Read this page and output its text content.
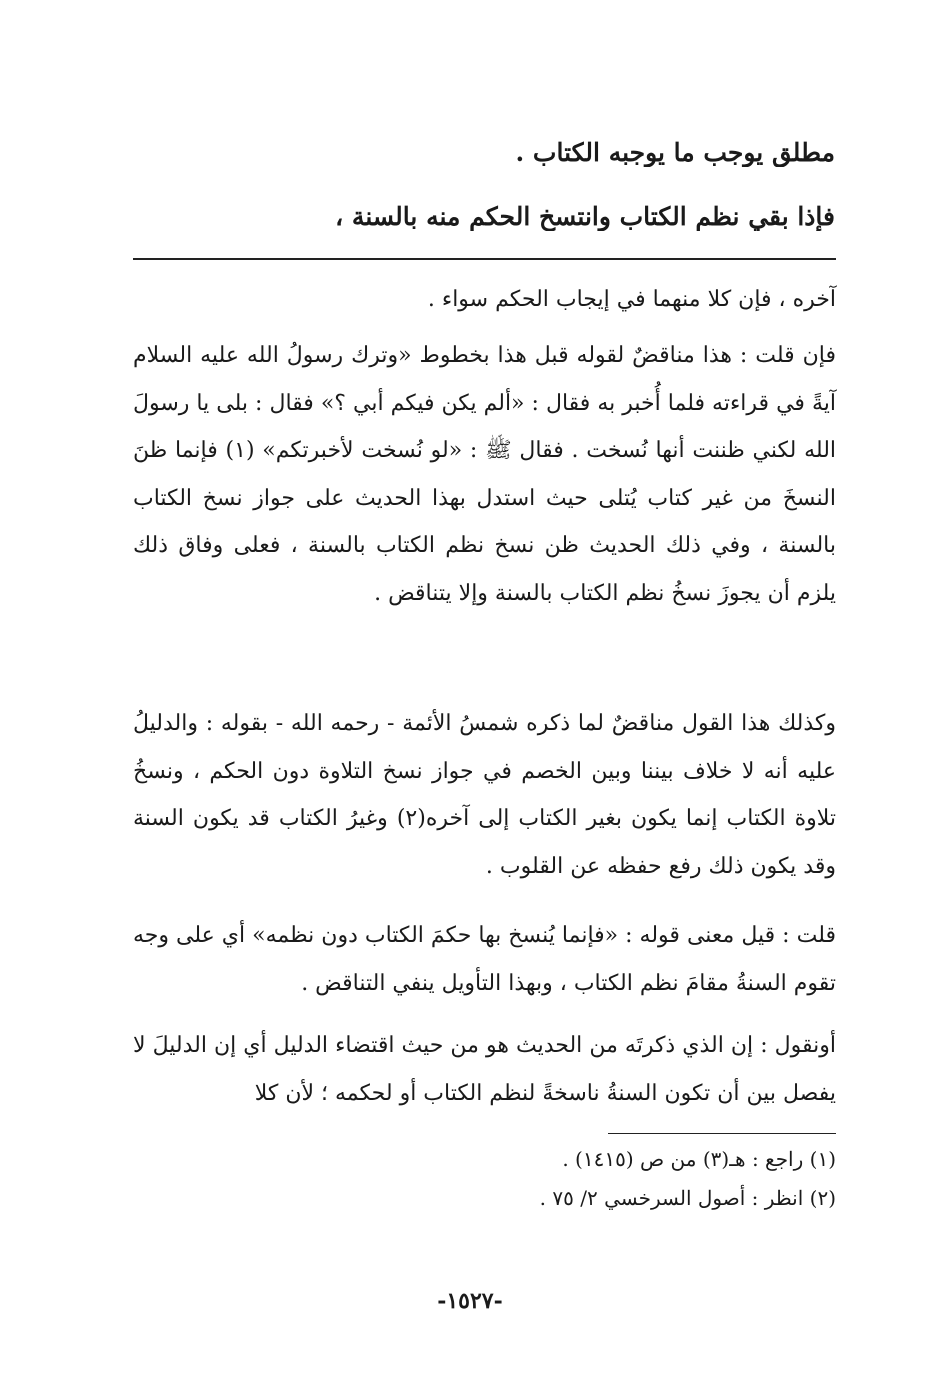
مطلق يوجب ما يوجبه الكتاب .
فإذا بقي نظم الكتاب وانتسخ الحكم منه بالسنة ،
آخره ، فإن كلا منهما في إيجاب الحكم سواء .
فإن قلت : هذا مناقضٌ لقوله قبل هذا بخطوط «وترك رسولُ الله عليه السلام آيةً في قراءته فلما أُخبر به فقال : «ألم يكن فيكم أبي ؟» فقال : بلى يا رسولَ الله لكني ظننت أنها نُسخت . فقال ﷺ : «لو نُسخت لأخبرتكم» (١) فإنما ظنَ النسخَ من غير كتاب يُتلى حيث استدل بهذا الحديث على جواز نسخ الكتاب بالسنة ، وفي ذلك الحديث ظن نسخ نظم الكتاب بالسنة ، فعلى وفاق ذلك يلزم أن يجوزَ نسخُ نظم الكتاب بالسنة وإلا يتناقض .
وكذلك هذا القول مناقضٌ لما ذكره شمسُ الأئمة - رحمه الله - بقوله : والدليلُ عليه أنه لا خلاف بيننا وبين الخصم في جواز نسخ التلاوة دون الحكم ، ونسخُ تلاوة الكتاب إنما يكون بغير الكتاب إلى آخره(٢) وغيرُ الكتاب قد يكون السنة وقد يكون ذلك رفع حفظه عن القلوب .
قلت : قيل معنى قوله : «فإنما يُنسخ بها حكمَ الكتاب دون نظمه» أي على وجه تقوم السنةُ مقامَ نظم الكتاب ، وبهذا التأويل ينفي التناقض .
أونقول : إن الذي ذكرتَه من الحديث هو من حيث اقتضاء الدليل أي إن الدليلَ لا يفصل بين أن تكون السنةُ ناسخةً لنظم الكتاب أو لحكمه ؛ لأن كلا
(١) راجع : هـ(٣) من ص (١٤١٥) .
(٢) انظر : أصول السرخسي ٢/ ٧٥ .
-١٥٢٧-
